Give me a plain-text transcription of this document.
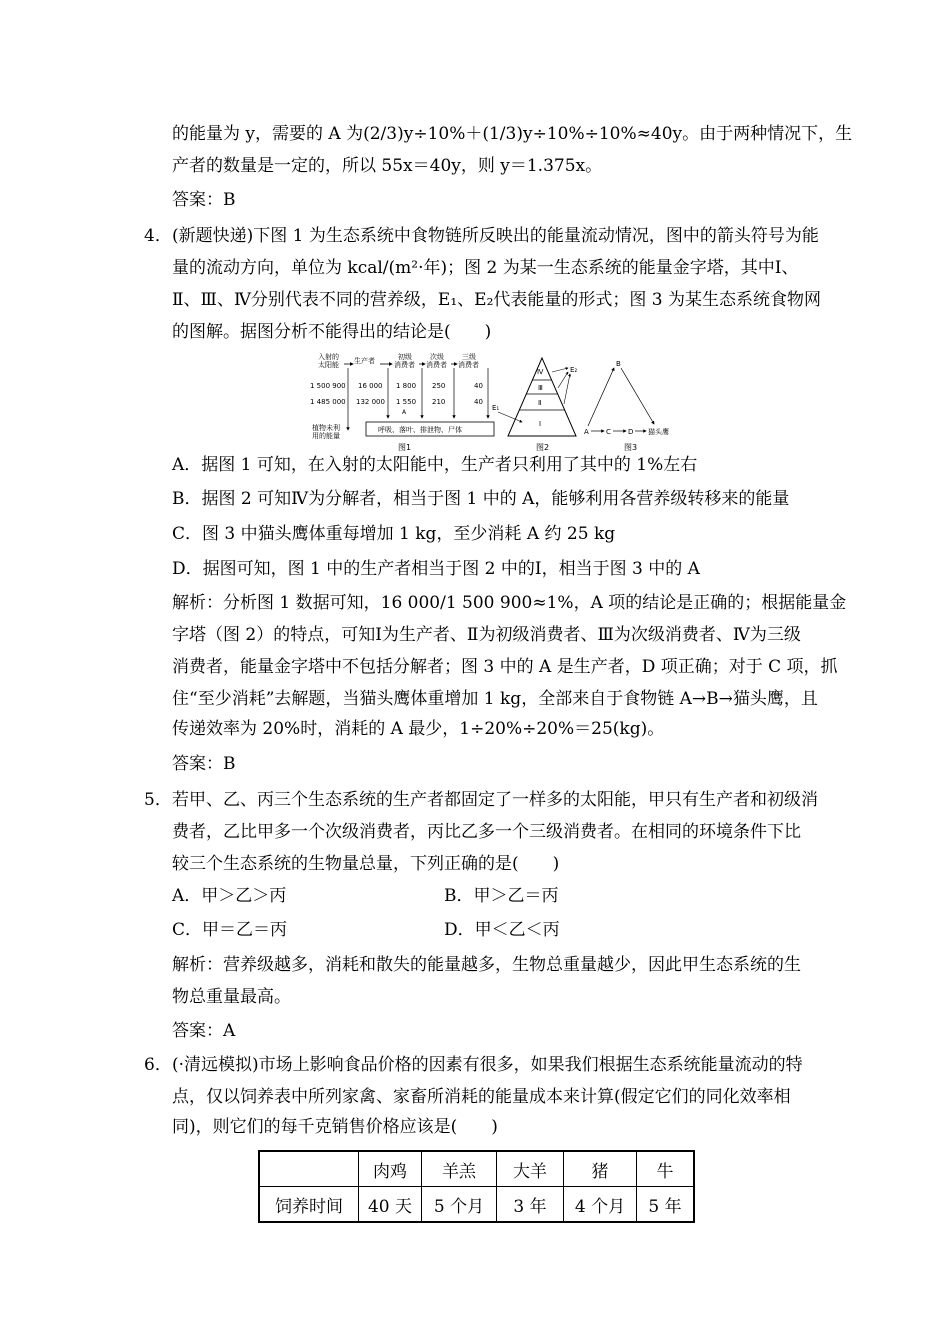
的能量为 y，需要的 A 为(2/3)y÷10%＋(1/3)y÷10%÷10%≈40y。由于两种情况下，生
产者的数量是一定的，所以 55x＝40y，则 y＝1.375x。
答案：B
4． (新题快递)下图 1 为生态系统中食物链所反映出的能量流动情况，图中的箭头符号为能
量的流动方向，单位为 kcal/(m²·年)；图 2 为某一生态系统的能量金字塔，其中Ⅰ、
Ⅱ、Ⅲ、Ⅳ分别代表不同的营养级，E₁、E₂代表能量的形式；图 3 为某生态系统食物网
的图解。据图分析不能得出的结论是(　　)
入射的
太阳能 生产者	初级
消费者
次级
消费者
三级
消费者
1 500 900 16 000 1 800 250	40
1 485 000 132 000 1 550 210	40
A
植物未利
用的能量
呼吸、落叶、排泄物、尸体
图1
Ⅳ
Ⅲ
Ⅱ
Ⅰ
E₂
E₁
图2
B
A C D 猫头鹰
图3
A．据图 1 可知，在入射的太阳能中，生产者只利用了其中的 1%左右
B．据图 2 可知Ⅳ为分解者，相当于图 1 中的 A，能够利用各营养级转移来的能量
C．图 3 中猫头鹰体重每增加 1 kg，至少消耗 A 约 25 kg
D．据图可知，图 1 中的生产者相当于图 2 中的Ⅰ，相当于图 3 中的 A
解析：分析图 1 数据可知，16 000/1 500 900≈1%，A 项的结论是正确的；根据能量金
字塔（图 2）的特点，可知Ⅰ为生产者、Ⅱ为初级消费者、Ⅲ为次级消费者、Ⅳ为三级
消费者，能量金字塔中不包括分解者；图 3 中的 A 是生产者，D 项正确；对于 C 项，抓
住“至少消耗”去解题，当猫头鹰体重增加 1 kg，全部来自于食物链 A→B→猫头鹰，且
传递效率为 20%时，消耗的 A 最少，1÷20%÷20%＝25(kg)。
答案：B
5． 若甲、乙、丙三个生态系统的生产者都固定了一样多的太阳能，甲只有生产者和初级消
费者，乙比甲多一个次级消费者，丙比乙多一个三级消费者。在相同的环境条件下比
较三个生态系统的生物量总量，下列正确的是(　　)
A．甲＞乙＞丙	B．甲＞乙＝丙
C．甲＝乙＝丙	D．甲＜乙＜丙
解析：营养级越多，消耗和散失的能量越多，生物总重量越少，因此甲生态系统的生
物总重量最高。
答案：A
6． (·清远模拟)市场上影响食品价格的因素有很多，如果我们根据生态系统能量流动的特
点，仅以饲养表中所列家禽、家畜所消耗的能量成本来计算(假定它们的同化效率相
同)，则它们的每千克销售价格应该是(　　)
	肉鸡	羊羔	大羊	猪	牛
饲养时间	40 天	5 个月	3 年	4 个月	5 年
